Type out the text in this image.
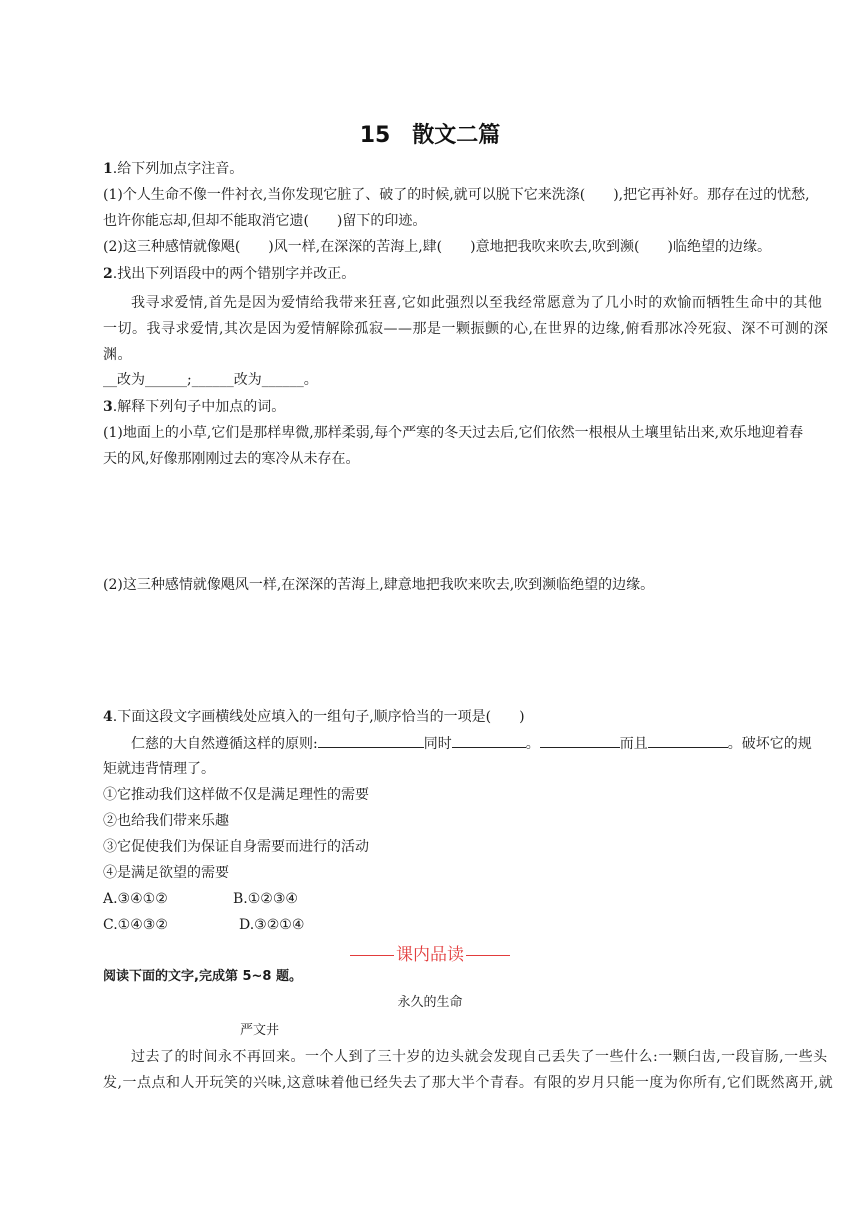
15　散文二篇
1.给下列加点字注音。
(1)个人生命不像一件衬衣,当你发现它脏了、破了的时候,就可以脱下它来洗涤(　　),把它再补好。那存在过的忧愁,
也许你能忘却,但却不能取消它遗(　　)留下的印迹。
(2)这三种感情就像飓(　　)风一样,在深深的苦海上,肆(　　)意地把我吹来吹去,吹到濒(　　)临绝望的边缘。
2.找出下列语段中的两个错别字并改正。
我寻求爱情,首先是因为爱情给我带来狂喜,它如此强烈以至我经常愿意为了几小时的欢愉而牺牲生命中的其他
一切。我寻求爱情,其次是因为爱情解除孤寂——那是一颗振颤的心,在世界的边缘,俯看那冰冷死寂、深不可测的深
渊。
__改为______;______改为______。
3.解释下列句子中加点的词。
(1)地面上的小草,它们是那样卑微,那样柔弱,每个严寒的冬天过去后,它们依然一根根从土壤里钻出来,欢乐地迎着春
天的风,好像那刚刚过去的寒冷从未存在。
(2)这三种感情就像飓风一样,在深深的苦海上,肆意地把我吹来吹去,吹到濒临绝望的边缘。
4.下面这段文字画横线处应填入的一组句子,顺序恰当的一项是(　　)
仁慈的大自然遵循这样的原则:	同时	。	而且	。破坏它的规
矩就违背情理了。
①它推动我们这样做不仅是满足理性的需要
②也给我们带来乐趣
③它促使我们为保证自身需要而进行的活动
④是满足欲望的需要
A.③④①②	B.①②③④
C.①④③②	D.③②①④
课内品读
阅读下面的文字,完成第 5~8 题。
永久的生命
严文井
过去了的时间永不再回来。一个人到了三十岁的边头就会发现自己丢失了一些什么:一颗臼齿,一段盲肠,一些头
发,一点点和人开玩笑的兴味,这意味着他已经失去了那大半个青春。有限的岁月只能一度为你所有,它们既然离开,就
